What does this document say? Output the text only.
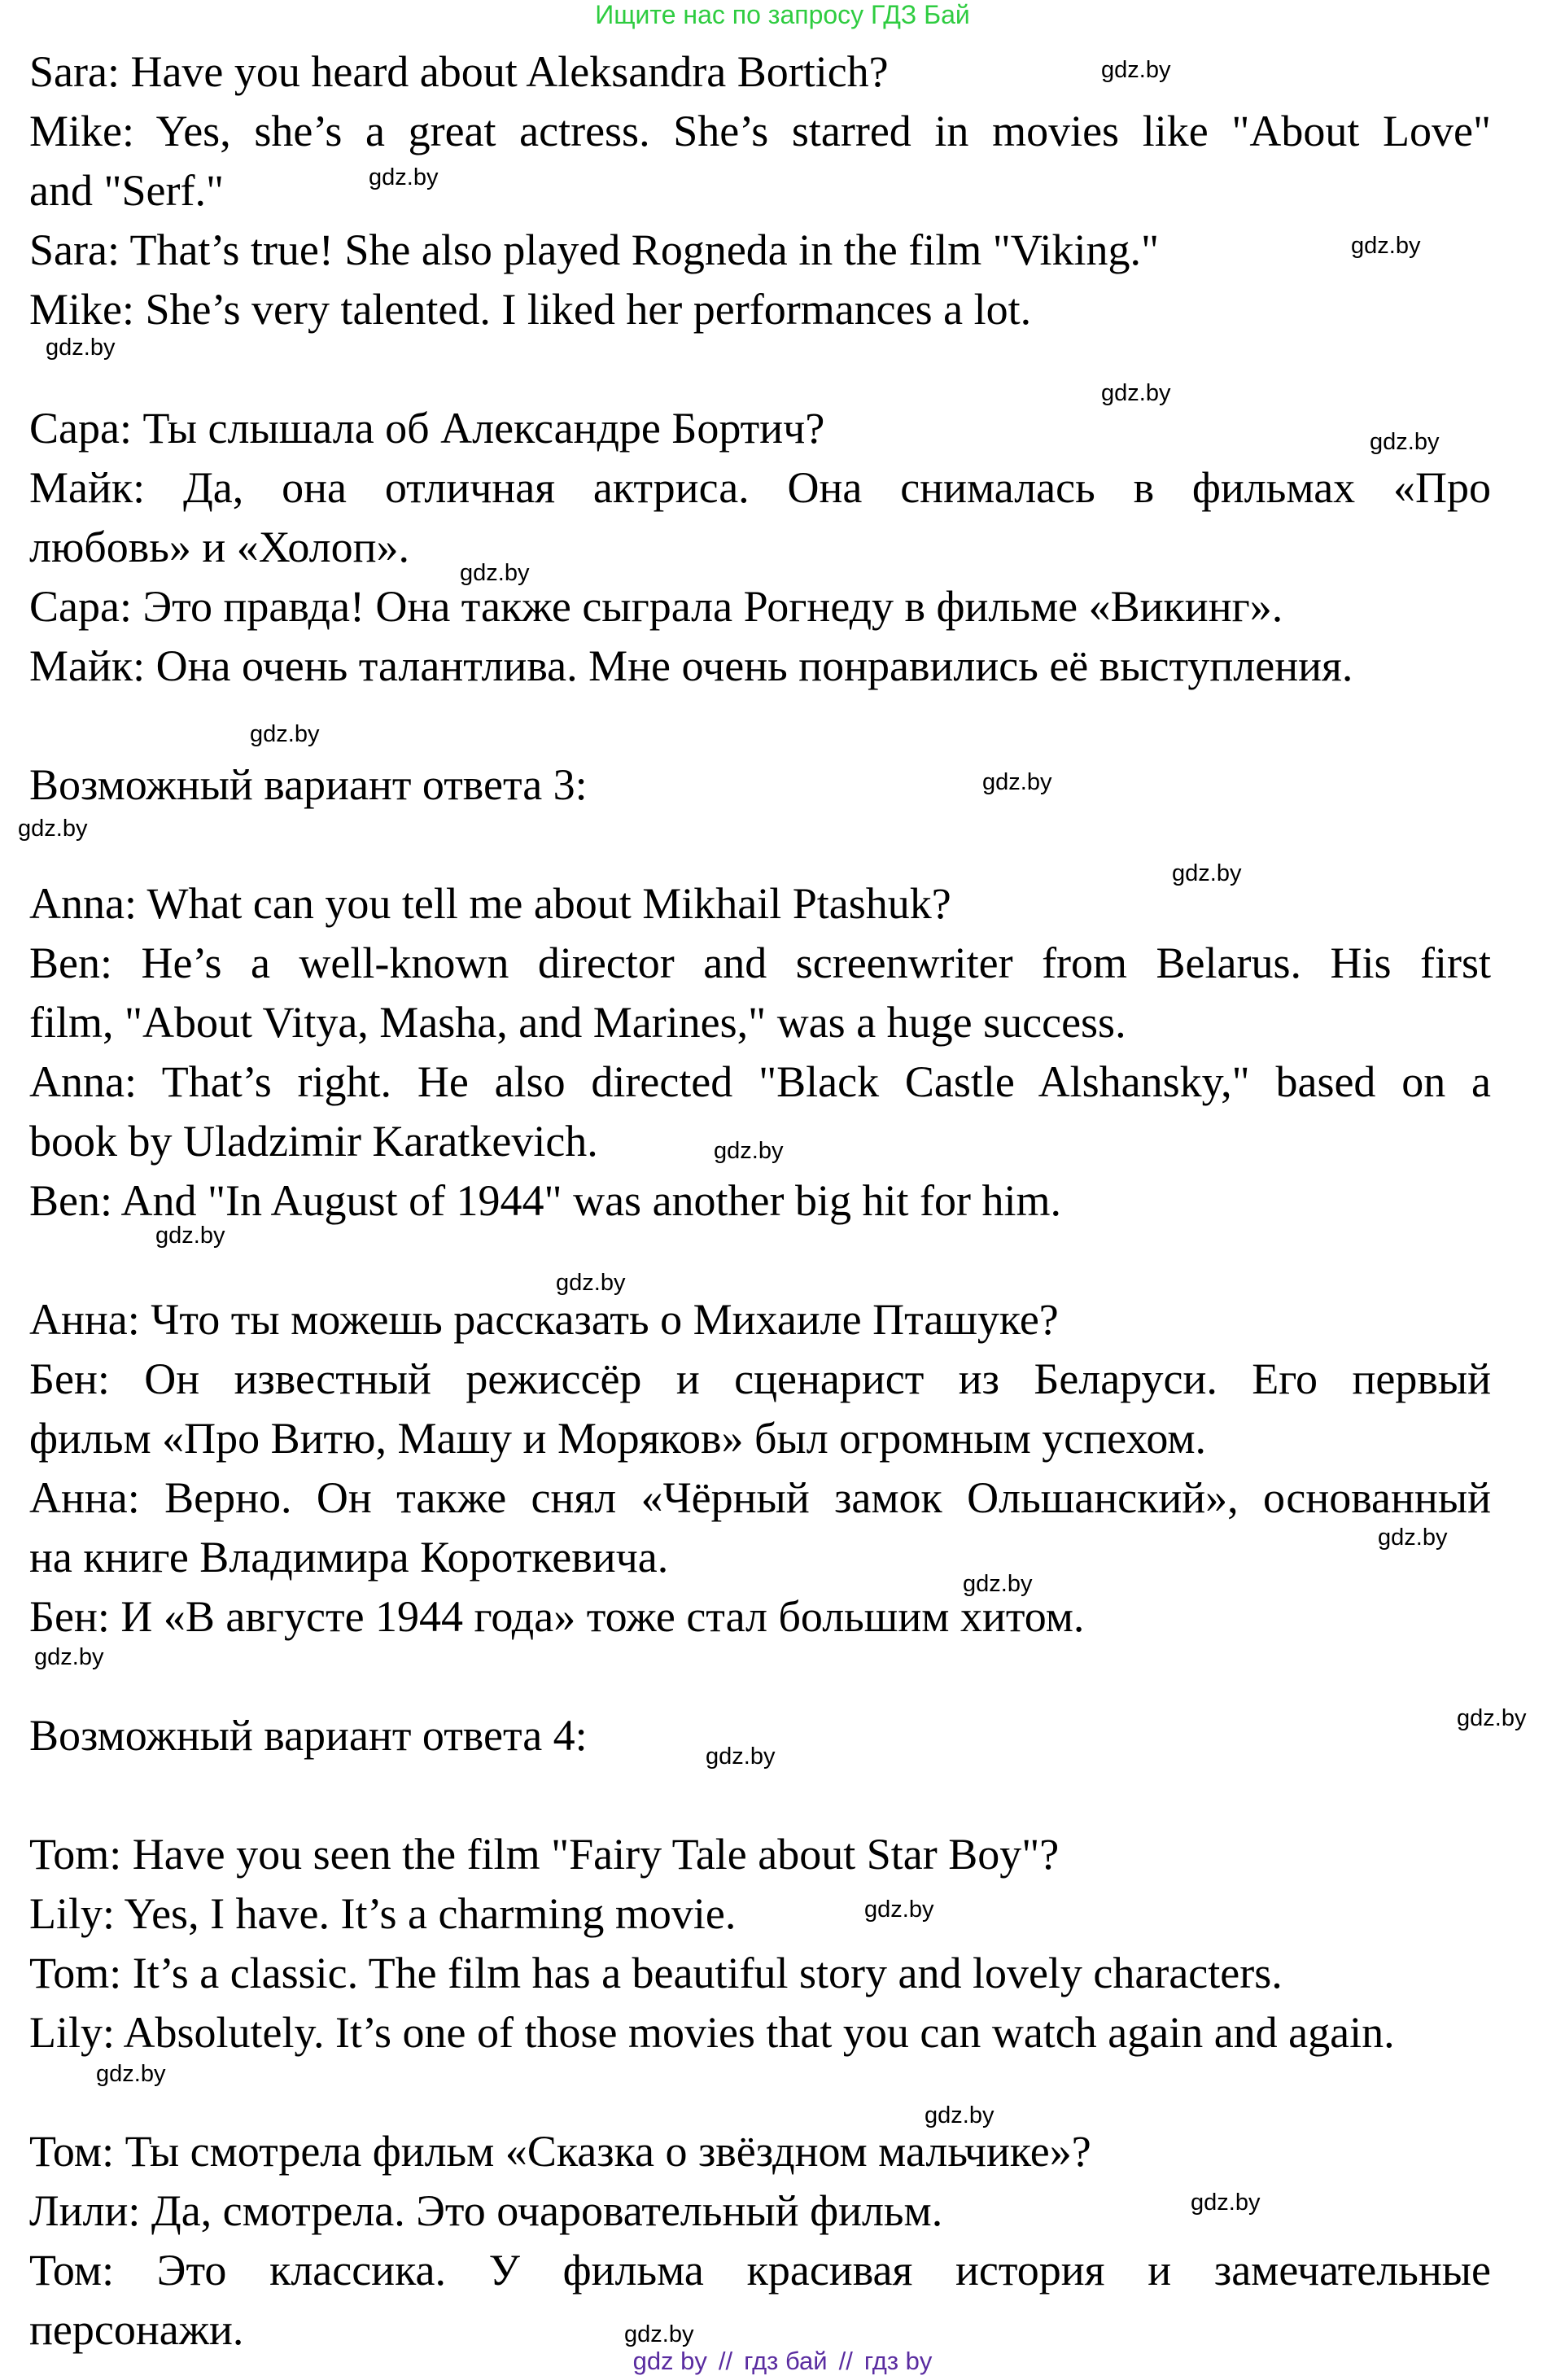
Ищите нас по запросу ГДЗ Бай
Sara: Have you heard about Aleksandra Bortich?
Mike: Yes, she’s a great actress. She’s starred in movies like "About Love"
and "Serf."
Sara: That’s true! She also played Rogneda in the film "Viking."
Mike: She’s very talented. I liked her performances a lot.
Сара: Ты слышала об Александре Бортич?
Майк: Да, она отличная актриса. Она снималась в фильмах «Про
любовь» и «Холоп».
Сара: Это правда! Она также сыграла Рогнеду в фильме «Викинг».
Майк: Она очень талантлива. Мне очень понравились её выступления.
Возможный вариант ответа 3:
Anna: What can you tell me about Mikhail Ptashuk?
Ben: He’s a well-known director and screenwriter from Belarus. His first
film, "About Vitya, Masha, and Marines," was a huge success.
Anna: That’s right. He also directed "Black Castle Alshansky," based on a
book by Uladzimir Karatkevich.
Ben: And "In August of 1944" was another big hit for him.
Анна: Что ты можешь рассказать о Михаиле Пташуке?
Бен: Он известный режиссёр и сценарист из Беларуси. Его первый
фильм «Про Витю, Машу и Моряков» был огромным успехом.
Анна: Верно. Он также снял «Чёрный замок Ольшанский», основанный
на книге Владимира Короткевича.
Бен: И «В августе 1944 года» тоже стал большим хитом.
Возможный вариант ответа 4:
Tom: Have you seen the film "Fairy Tale about Star Boy"?
Lily: Yes, I have. It’s a charming movie.
Tom: It’s a classic. The film has a beautiful story and lovely characters.
Lily: Absolutely. It’s one of those movies that you can watch again and again.
Том: Ты смотрела фильм «Сказка о звёздном мальчике»?
Лили: Да, смотрела. Это очаровательный фильм.
Том: Это классика. У фильма красивая история и замечательные
персонажи.
gdz.by
gdz.by
gdz.by
gdz.by
gdz.by
gdz.by
gdz.by
gdz.by
gdz.by
gdz.by
gdz.by
gdz.by
gdz.by
gdz.by
gdz.by
gdz.by
gdz.by
gdz.by
gdz.by
gdz.by
gdz.by
gdz.by
gdz.by
gdz.by
gdz by // гдз бай // гдз by
